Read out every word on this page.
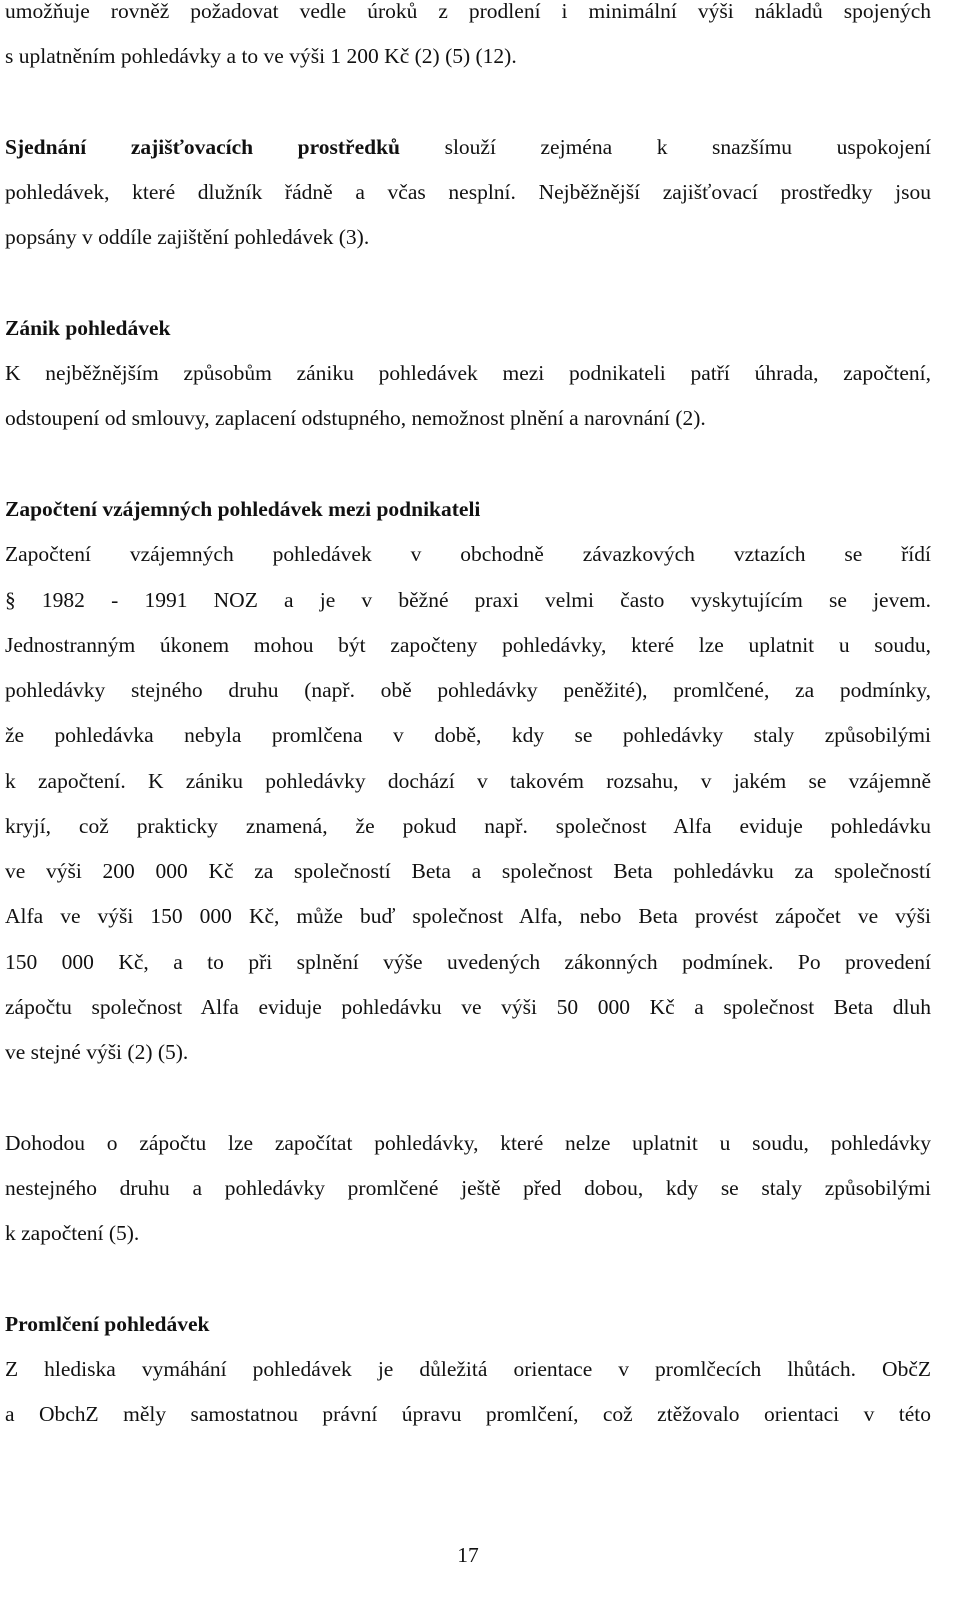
umožňuje rovněž požadovat vedle úroků z prodlení i minimální výši nákladů spojených
s uplatněním pohledávky a to ve výši 1 200 Kč (2) (5) (12).
Sjednání zajišťovacích prostředků slouží zejména k snazšímu uspokojení
pohledávek, které dlužník řádně a včas nesplní. Nejběžnější zajišťovací prostředky jsou
popsány v oddíle zajištění pohledávek (3).
Zánik pohledávek
K nejběžnějším způsobům zániku pohledávek mezi podnikateli patří úhrada, započtení,
odstoupení od smlouvy, zaplacení odstupného, nemožnost plnění a narovnání (2).
Započtení vzájemných pohledávek mezi podnikateli
Započtení vzájemných pohledávek v obchodně závazkových vztazích se řídí
§ 1982 - 1991 NOZ a je v běžné praxi velmi často vyskytujícím se jevem.
Jednostranným úkonem mohou být započteny pohledávky, které lze uplatnit u soudu,
pohledávky stejného druhu (např. obě pohledávky peněžité), promlčené, za podmínky,
že pohledávka nebyla promlčena v době, kdy se pohledávky staly způsobilými
k započtení. K zániku pohledávky dochází v takovém rozsahu, v jakém se vzájemně
kryjí, což prakticky znamená, že pokud např. společnost Alfa eviduje pohledávku
ve výši 200 000 Kč za společností Beta a společnost Beta pohledávku za společností
Alfa ve výši 150 000 Kč, může buď společnost Alfa, nebo Beta provést zápočet ve výši
150 000 Kč, a to při splnění výše uvedených zákonných podmínek. Po provedení
zápočtu společnost Alfa eviduje pohledávku ve výši 50 000 Kč a společnost Beta dluh
ve stejné výši (2) (5).
Dohodou o zápočtu lze započítat pohledávky, které nelze uplatnit u soudu, pohledávky
nestejného druhu a pohledávky promlčené ještě před dobou, kdy se staly způsobilými
k započtení (5).
Promlčení pohledávek
Z hlediska vymáhání pohledávek je důležitá orientace v promlčecích lhůtách. ObčZ
a ObchZ měly samostatnou právní úpravu promlčení, což ztěžovalo orientaci v této
17
